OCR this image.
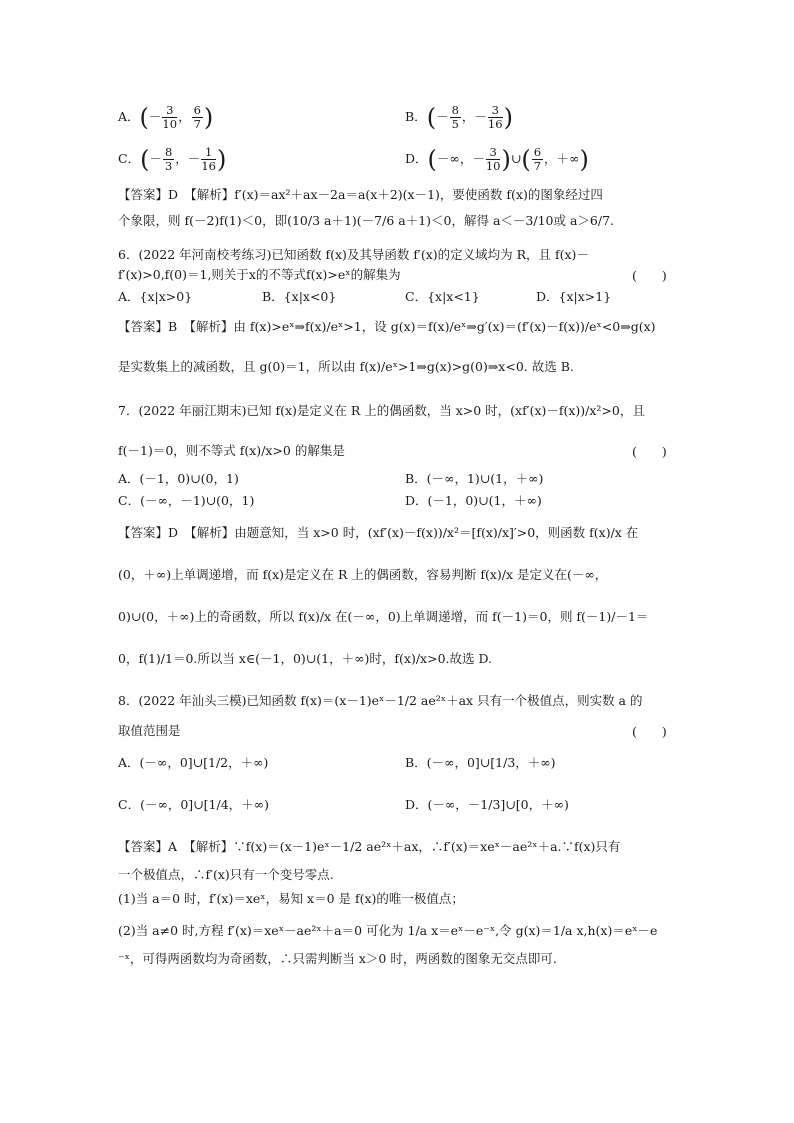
A．(－ $\frac{3}{10}$ ， $\frac{6}{7}$ )	B．(－ $\frac{8}{5}$ ，－ $\frac{3}{16}$ )
C．(－ $\frac{8}{3}$ ，－ $\frac{1}{16}$ )	D．(－∞，－ $\frac{3}{10}$ )∪( $\frac{6}{7}$ ，＋∞)
【答案】D　【解析】f′(x)＝ax²＋ax－2a＝a(x＋2)(x－1)，要使函数 f(x)的图象经过四
个象限，则 f(－2)f(1)＜0，即(10/3 a＋1)(－7/6 a＋1)＜0，解得 a＜－3/10或 a＞6/7.
6．(2022 年河南校考练习)已知函数 f(x)及其导函数 f′(x)的定义域均为 R，且 f(x)－
f′(x)>0,f(0)＝1,则关于x的不等式f(x)>eˣ的解集为	(　　)
A．{x|x>0}	B．{x|x<0}	C．{x|x<1}	D．{x|x>1}
【答案】B　【解析】由 f(x)>eˣ⇒f(x)/eˣ>1，设 g(x)＝f(x)/eˣ⇒g′(x)＝(f′(x)－f(x))/eˣ<0⇒g(x)
是实数集上的减函数，且 g(0)＝1，所以由 f(x)/eˣ>1⇒g(x)>g(0)⇒x<0. 故选 B.
7．(2022 年丽江期末)已知 f(x)是定义在 R 上的偶函数，当 x>0 时，(xf′(x)－f(x))/x²>0，且
f(－1)＝0，则不等式 f(x)/x>0 的解集是	(　　)
A．(－1，0)∪(0，1)	B．(－∞，1)∪(1，＋∞)
C．(－∞，－1)∪(0，1)	D．(－1，0)∪(1，＋∞)
【答案】D　【解析】由题意知，当 x>0 时，(xf′(x)－f(x))/x²＝[f(x)/x]′>0，则函数 f(x)/x 在
(0，＋∞)上单调递增，而 f(x)是定义在 R 上的偶函数，容易判断 f(x)/x 是定义在(－∞，
0)∪(0，＋∞)上的奇函数，所以 f(x)/x 在(－∞，0)上单调递增，而 f(－1)＝0，则 f(－1)/－1＝
0，f(1)/1＝0.所以当 x∈(－1，0)∪(1，＋∞)时，f(x)/x>0.故选 D.
8．(2022 年汕头三模)已知函数 f(x)＝(x－1)eˣ－1/2 ae²ˣ＋ax 只有一个极值点，则实数 a 的
取值范围是	(　　)
A．(－∞，0]∪[1/2，＋∞)	B．(－∞，0]∪[1/3，＋∞)
C．(－∞，0]∪[1/4，＋∞)	D．(－∞，－1/3]∪[0，＋∞)
【答案】A　【解析】∵f(x)＝(x－1)eˣ－1/2 ae²ˣ＋ax，∴f′(x)＝xeˣ－ae²ˣ＋a.∵f(x)只有
一个极值点，∴f′(x)只有一个变号零点.
(1)当 a＝0 时，f′(x)＝xeˣ，易知 x＝0 是 f(x)的唯一极值点；
(2)当 a≠0 时,方程 f′(x)＝xeˣ－ae²ˣ＋a＝0 可化为 1/a x＝eˣ－e⁻ˣ,令 g(x)＝1/a x,h(x)＝eˣ－e
⁻ˣ，可得两函数均为奇函数，∴只需判断当 x＞0 时，两函数的图象无交点即可.
